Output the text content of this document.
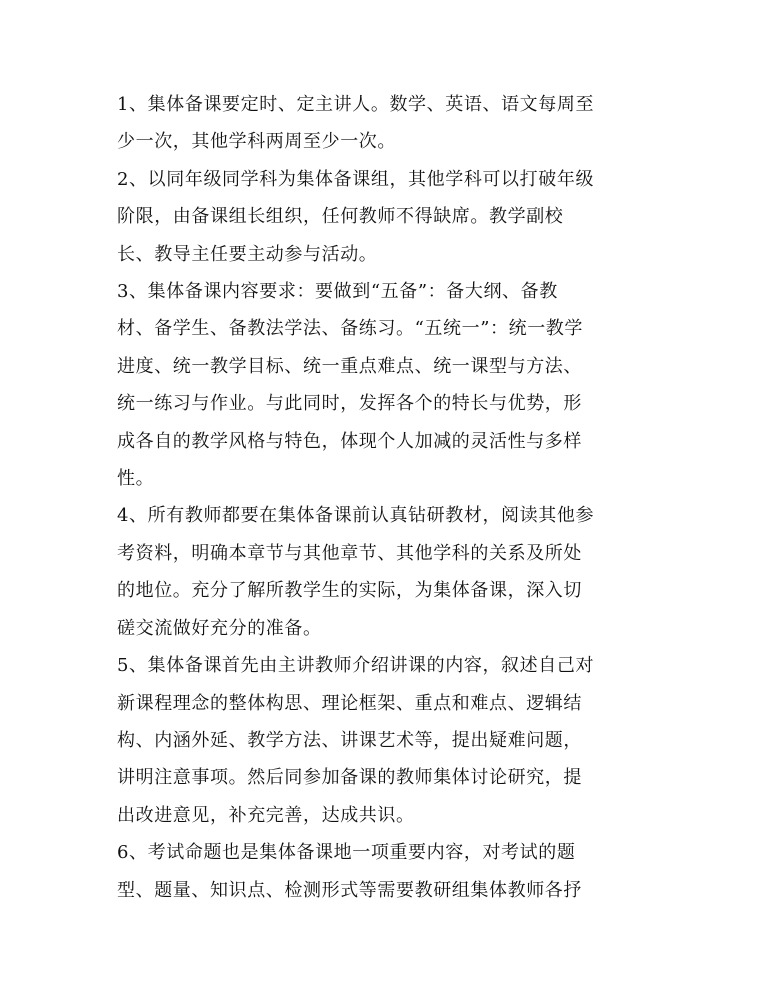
1、集体备课要定时、定主讲人。数学、英语、语文每周至
少一次，其他学科两周至少一次。

2、以同年级同学科为集体备课组，其他学科可以打破年级
阶限，由备课组长组织，任何教师不得缺席。教学副校
长、教导主任要主动参与活动。

3、集体备课内容要求：要做到“五备”：备大纲、备教
材、备学生、备教法学法、备练习。“五统一”：统一教学
进度、统一教学目标、统一重点难点、统一课型与方法、
统一练习与作业。与此同时，发挥各个的特长与优势，形
成各自的教学风格与特色，体现个人加减的灵活性与多样
性。

4、所有教师都要在集体备课前认真钻研教材，阅读其他参
考资料，明确本章节与其他章节、其他学科的关系及所处
的地位。充分了解所教学生的实际，为集体备课，深入切
磋交流做好充分的准备。

5、集体备课首先由主讲教师介绍讲课的内容，叙述自己对
新课程理念的整体构思、理论框架、重点和难点、逻辑结
构、内涵外延、教学方法、讲课艺术等，提出疑难问题，
讲明注意事项。然后同参加备课的教师集体讨论研究，提
出改进意见，补充完善，达成共识。

6、考试命题也是集体备课地一项重要内容，对考试的题
型、题量、知识点、检测形式等需要教研组集体教师各抒
